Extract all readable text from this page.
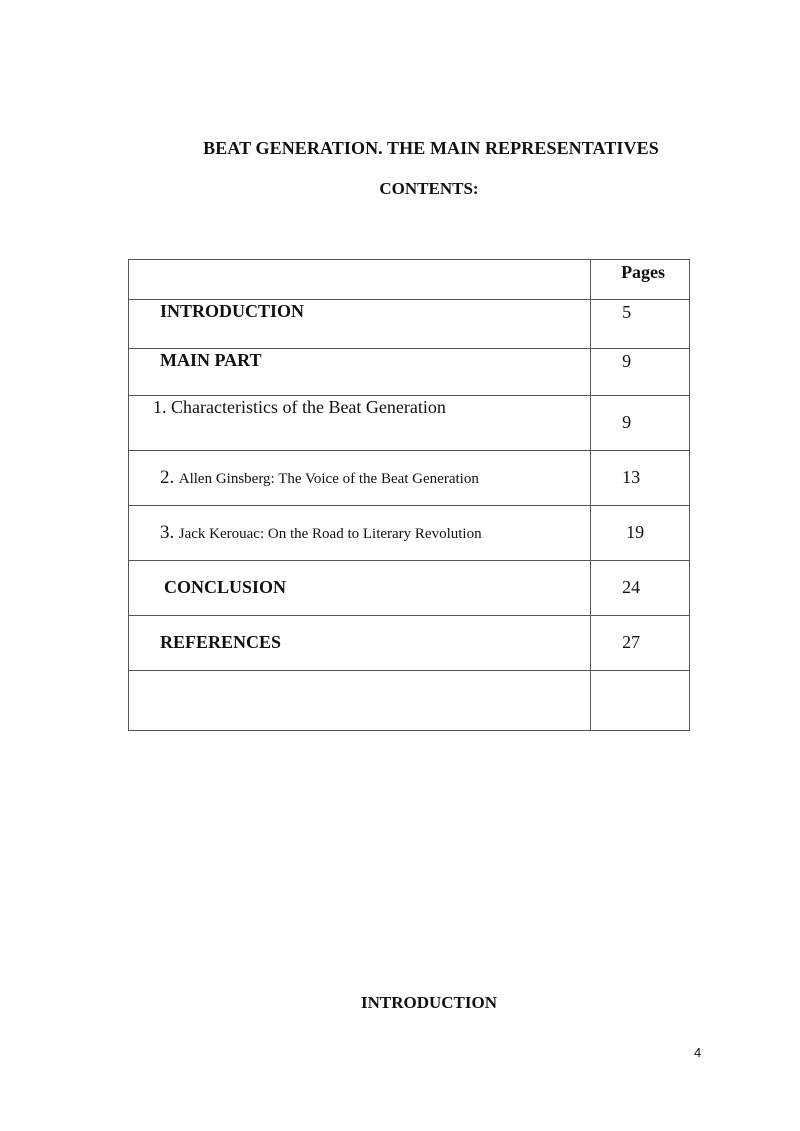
BEAT GENERATION. THE MAIN REPRESENTATIVES
CONTENTS:

	Pages

INTRODUCTION	5

MAIN PART	9

1. Characteristics of the Beat Generation	9

2. Allen Ginsberg: The Voice of the Beat Generation	13

3. Jack Kerouac: On the Road to Literary Revolution	19

CONCLUSION	24

REFERENCES	27

INTRODUCTION
4
